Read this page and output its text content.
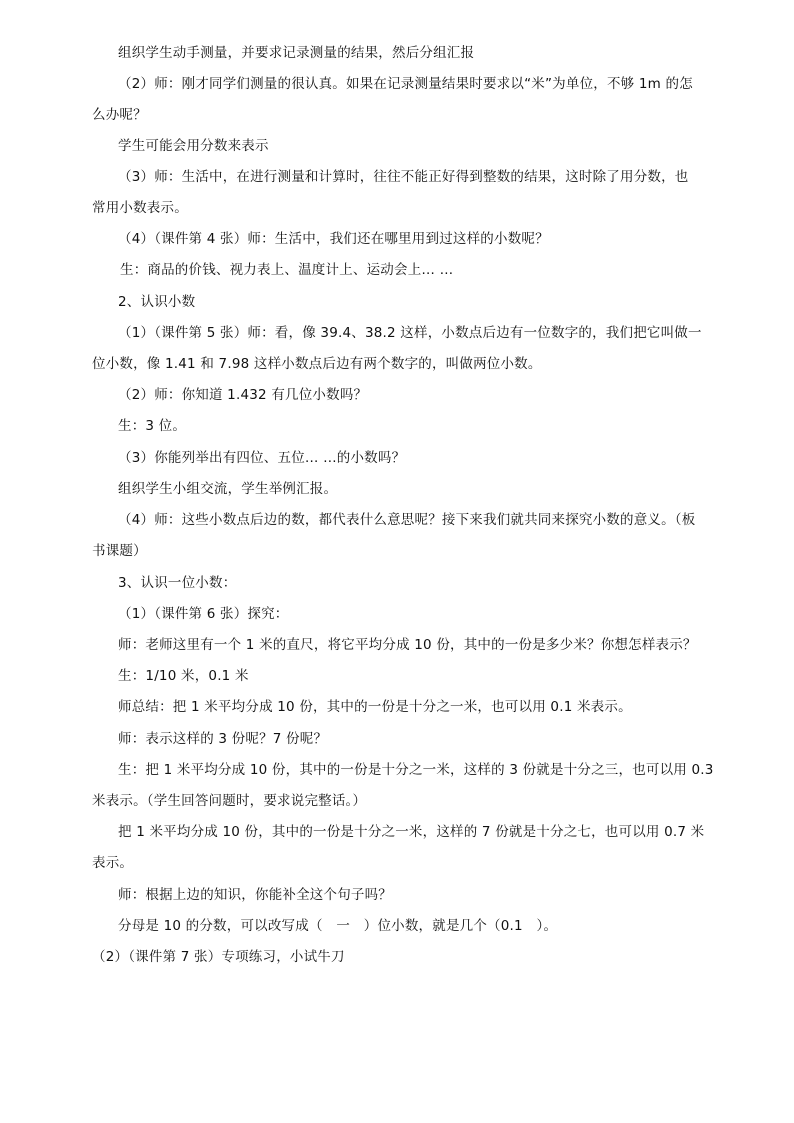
组织学生动手测量，并要求记录测量的结果，然后分组汇报
（2）师：刚才同学们测量的很认真。如果在记录测量结果时要求以“米”为单位，不够 1m 的怎
么办呢？
学生可能会用分数来表示
（3）师：生活中，在进行测量和计算时，往往不能正好得到整数的结果，这时除了用分数，也
常用小数表示。
（4）（课件第 4 张）师：生活中，我们还在哪里用到过这样的小数呢？
生：商品的价钱、视力表上、温度计上、运动会上… …
2、认识小数
（1）（课件第 5 张）师：看，像 39.4、38.2 这样，小数点后边有一位数字的，我们把它叫做一
位小数，像 1.41 和 7.98 这样小数点后边有两个数字的，叫做两位小数。
（2）师：你知道 1.432 有几位小数吗？
生：3 位。
（3）你能列举出有四位、五位… …的小数吗？
组织学生小组交流，学生举例汇报。
（4）师：这些小数点后边的数，都代表什么意思呢？接下来我们就共同来探究小数的意义。（板
书课题）
3、认识一位小数：
（1）（课件第 6 张）探究：
师：老师这里有一个 1 米的直尺，将它平均分成 10 份，其中的一份是多少米？你想怎样表示？
生：1/10 米，0.1 米
师总结：把 1 米平均分成 10 份，其中的一份是十分之一米，也可以用 0.1 米表示。
师：表示这样的 3 份呢？7 份呢？
生：把 1 米平均分成 10 份，其中的一份是十分之一米，这样的 3 份就是十分之三，也可以用 0.3
米表示。（学生回答问题时，要求说完整话。）
把 1 米平均分成 10 份，其中的一份是十分之一米，这样的 7 份就是十分之七，也可以用 0.7 米
表示。
师：根据上边的知识，你能补全这个句子吗？
分母是 10 的分数，可以改写成（　一　）位小数，就是几个（0.1　）。
（2）（课件第 7 张）专项练习，小试牛刀
